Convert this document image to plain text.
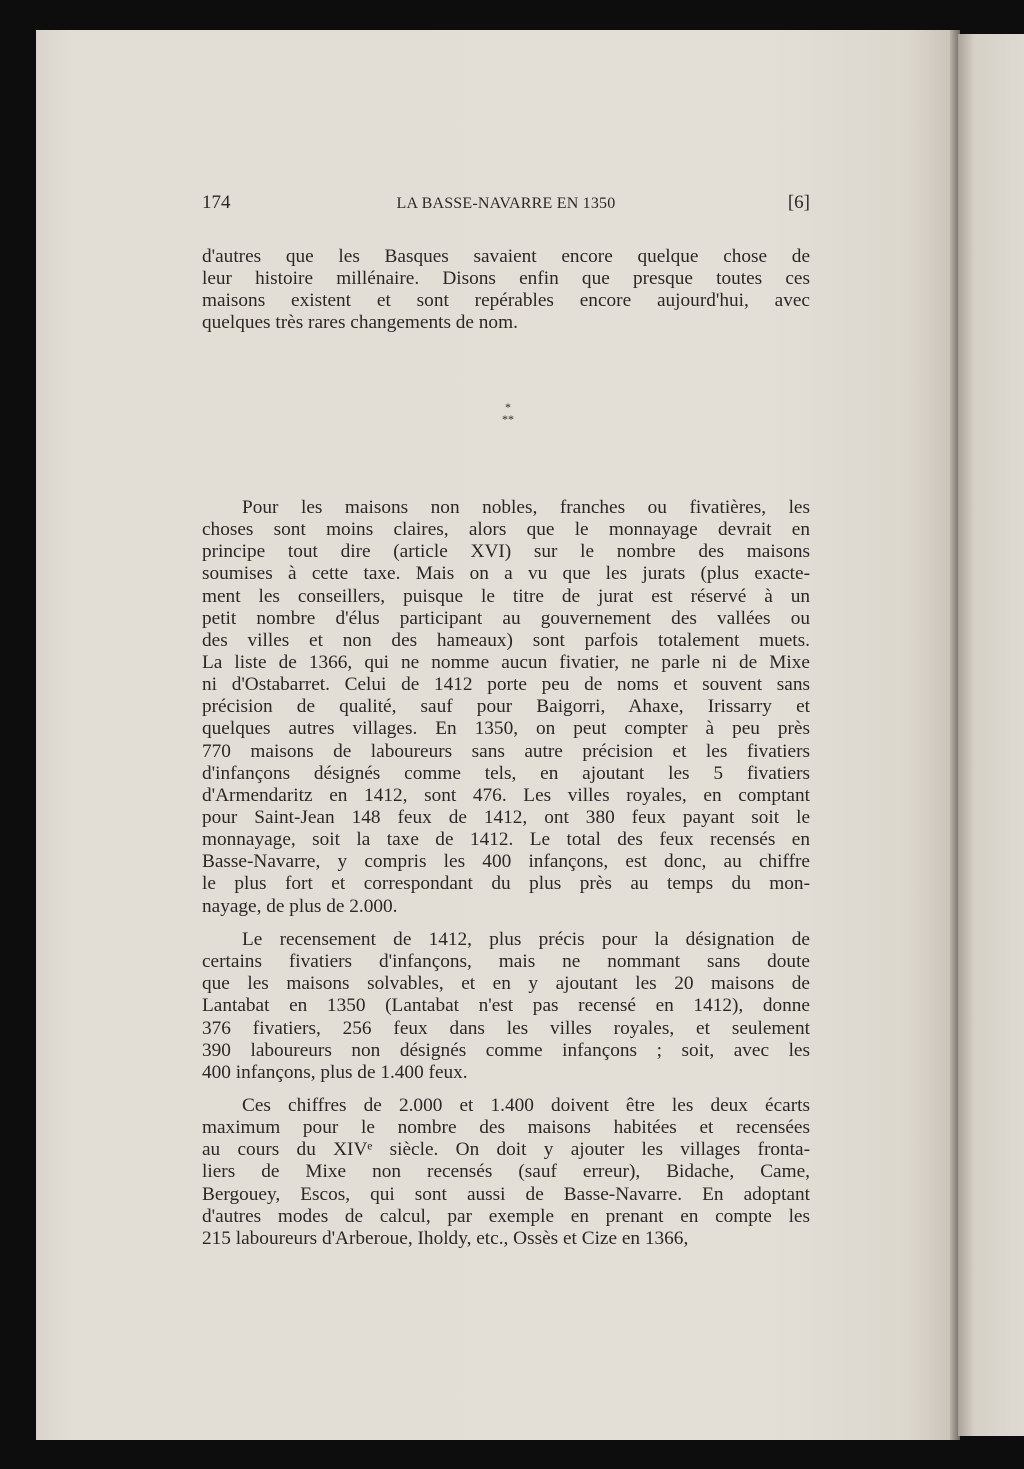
174	LA BASSE-NAVARRE EN 1350	[6]
d'autres que les Basques savaient encore quelque chose de
leur histoire millénaire. Disons enfin que presque toutes ces
maisons existent et sont repérables encore aujourd'hui, avec
quelques très rares changements de nom.
*
**
Pour les maisons non nobles, franches ou fivatières, les
choses sont moins claires, alors que le monnayage devrait en
principe tout dire (article XVI) sur le nombre des maisons
soumises à cette taxe. Mais on a vu que les jurats (plus exacte-
ment les conseillers, puisque le titre de jurat est réservé à un
petit nombre d'élus participant au gouvernement des vallées ou
des villes et non des hameaux) sont parfois totalement muets.
La liste de 1366, qui ne nomme aucun fivatier, ne parle ni de Mixe
ni d'Ostabarret. Celui de 1412 porte peu de noms et souvent sans
précision de qualité, sauf pour Baigorri, Ahaxe, Irissarry et
quelques autres villages. En 1350, on peut compter à peu près
770 maisons de laboureurs sans autre précision et les fivatiers
d'infançons désignés comme tels, en ajoutant les 5 fivatiers
d'Armendaritz en 1412, sont 476. Les villes royales, en comptant
pour Saint-Jean 148 feux de 1412, ont 380 feux payant soit le
monnayage, soit la taxe de 1412. Le total des feux recensés en
Basse-Navarre, y compris les 400 infançons, est donc, au chiffre
le plus fort et correspondant du plus près au temps du mon-
nayage, de plus de 2.000.
Le recensement de 1412, plus précis pour la désignation de
certains fivatiers d'infançons, mais ne nommant sans doute
que les maisons solvables, et en y ajoutant les 20 maisons de
Lantabat en 1350 (Lantabat n'est pas recensé en 1412), donne
376 fivatiers, 256 feux dans les villes royales, et seulement
390 laboureurs non désignés comme infançons ; soit, avec les
400 infançons, plus de 1.400 feux.
Ces chiffres de 2.000 et 1.400 doivent être les deux écarts
maximum pour le nombre des maisons habitées et recensées
au cours du XIVᵉ siècle. On doit y ajouter les villages fronta-
liers de Mixe non recensés (sauf erreur), Bidache, Came,
Bergouey, Escos, qui sont aussi de Basse-Navarre. En adoptant
d'autres modes de calcul, par exemple en prenant en compte les
215 laboureurs d'Arberoue, Iholdy, etc., Ossès et Cize en 1366,
